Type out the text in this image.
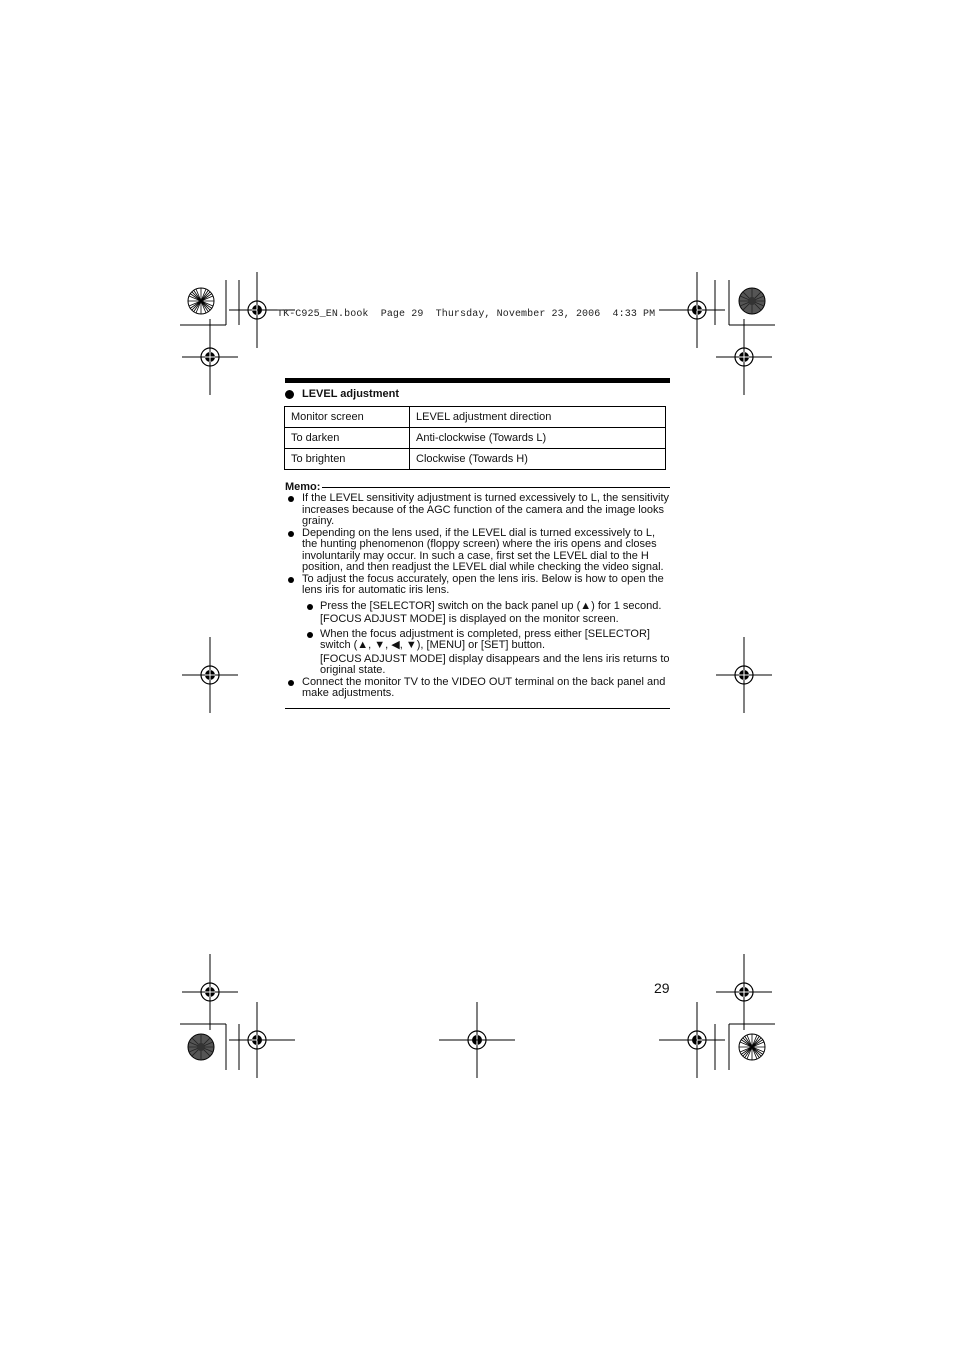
TK-C925_EN.book  Page 29  Thursday, November 23, 2006  4:33 PM
LEVEL adjustment
Monitor screen	LEVEL adjustment direction
To darken	Anti-clockwise (Towards L)
To brighten	Clockwise (Towards H)
Memo:
If the LEVEL sensitivity adjustment is turned excessively to L, the sensitivity increases because of the AGC function of the camera and the image looks grainy.
Depending on the lens used, if the LEVEL dial is turned excessively to L, the hunting phenomenon (floppy screen) where the iris opens and closes involuntarily may occur. In such a case, first set the LEVEL dial to the H position, and then readjust the LEVEL dial while checking the video signal.
To adjust the focus accurately, open the lens iris. Below is how to open the lens iris for automatic iris lens.
Press the [SELECTOR] switch on the back panel up (▲) for 1 second.
[FOCUS ADJUST MODE] is displayed on the monitor screen.
When the focus adjustment is completed, press either [SELECTOR] switch (▲, ▼, ◀, ▼), [MENU] or [SET] button.
[FOCUS ADJUST MODE] display disappears and the lens iris returns to original state.
Connect the monitor TV to the VIDEO OUT terminal on the back panel and make adjustments.
29
